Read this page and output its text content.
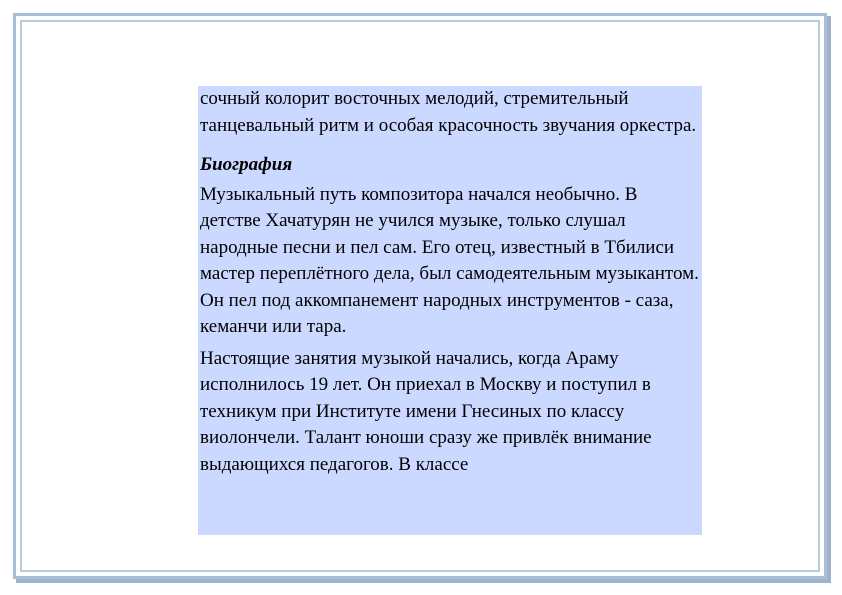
сочный колорит восточных мелодий, стремительный танцевальный ритм и особая красочность звучания оркестра.

Биография

Музыкальный путь композитора начался необычно. В детстве Хачатурян не учился музыке, только слушал народные песни и пел сам. Его отец, известный в Тбилиси мастер переплётного дела, был самодеятельным музыкантом. Он пел под аккомпанемент народных инструментов - саза, кеманчи или тара.

Настоящие занятия музыкой начались, когда Араму исполнилось 19 лет. Он приехал в Москву и поступил в техникум при Институте имени Гнесиных по классу виолончели. Талант юноши сразу же привлёк внимание выдающихся педагогов. В классе
